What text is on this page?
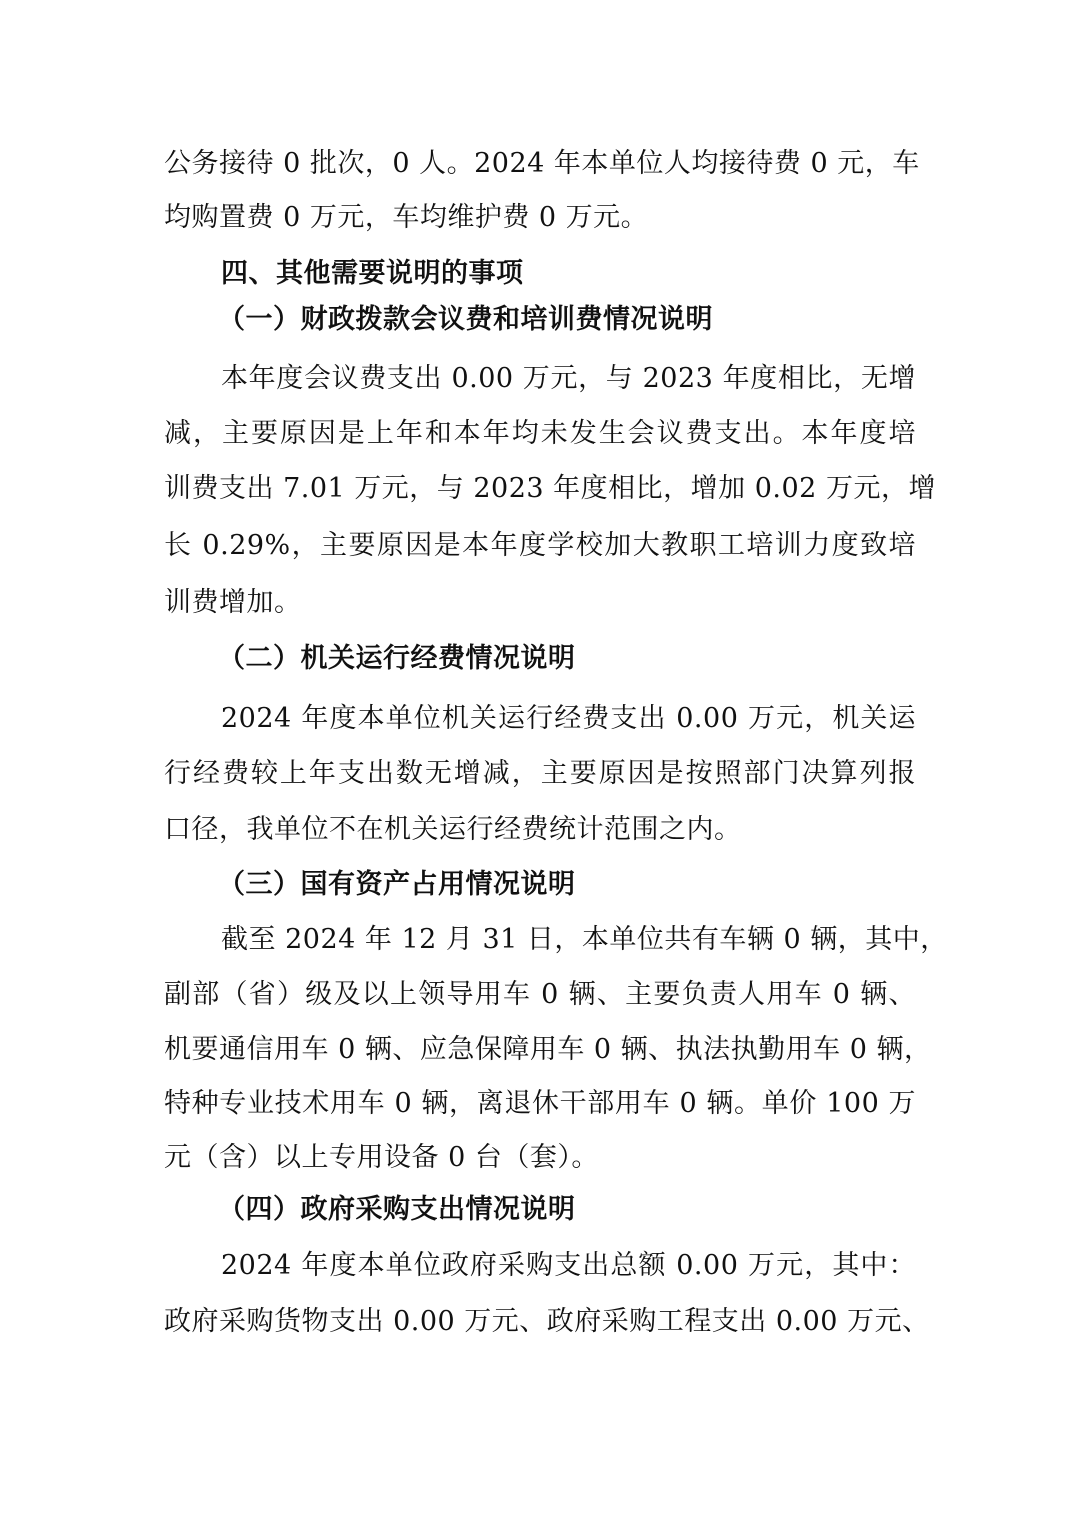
公务接待 0 批次，0 人。2024 年本单位人均接待费 0 元，车
均购置费 0 万元，车均维护费 0 万元。
四、其他需要说明的事项
（一）财政拨款会议费和培训费情况说明
本年度会议费支出 0.00 万元，与 2023 年度相比，无增
减，主要原因是上年和本年均未发生会议费支出。本年度培
训费支出 7.01 万元，与 2023 年度相比，增加 0.02 万元，增
长 0.29%，主要原因是本年度学校加大教职工培训力度致培
训费增加。
（二）机关运行经费情况说明
2024 年度本单位机关运行经费支出 0.00 万元，机关运
行经费较上年支出数无增减，主要原因是按照部门决算列报
口径，我单位不在机关运行经费统计范围之内。
（三）国有资产占用情况说明
截至 2024 年 12 月 31 日，本单位共有车辆 0 辆，其中，
副部（省）级及以上领导用车 0 辆、主要负责人用车 0 辆、
机要通信用车 0 辆、应急保障用车 0 辆、执法执勤用车 0 辆，
特种专业技术用车 0 辆，离退休干部用车 0 辆。单价 100 万
元（含）以上专用设备 0 台（套）。
（四）政府采购支出情况说明
2024 年度本单位政府采购支出总额 0.00 万元，其中：
政府采购货物支出 0.00 万元、政府采购工程支出 0.00 万元、
